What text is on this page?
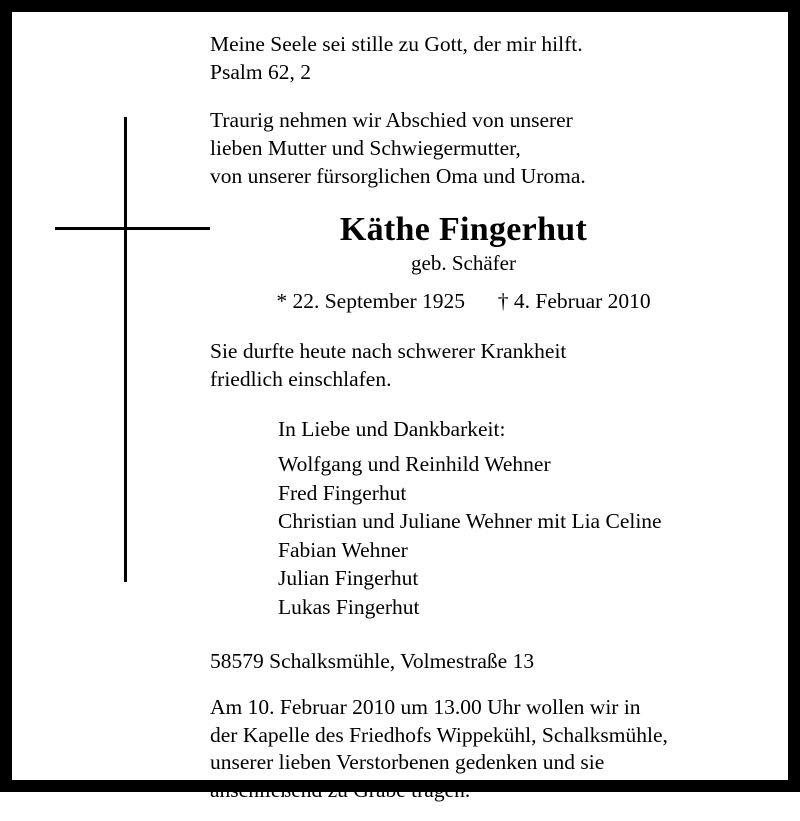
Meine Seele sei stille zu Gott, der mir hilft.
Psalm 62, 2
Traurig nehmen wir Abschied von unserer
lieben Mutter und Schwiegermutter,
von unserer fürsorglichen Oma und Uroma.
Käthe Fingerhut
geb. Schäfer
* 22. September 1925 † 4. Februar 2010
Sie durfte heute nach schwerer Krankheit
friedlich einschlafen.
In Liebe und Dankbarkeit:
Wolfgang und Reinhild Wehner
Fred Fingerhut
Christian und Juliane Wehner mit Lia Celine
Fabian Wehner
Julian Fingerhut
Lukas Fingerhut
58579 Schalksmühle, Volmestraße 13
Am 10. Februar 2010 um 13.00 Uhr wollen wir in
der Kapelle des Friedhofs Wippekühl, Schalksmühle,
unserer lieben Verstorbenen gedenken und sie
anschließend zu Grabe tragen.
